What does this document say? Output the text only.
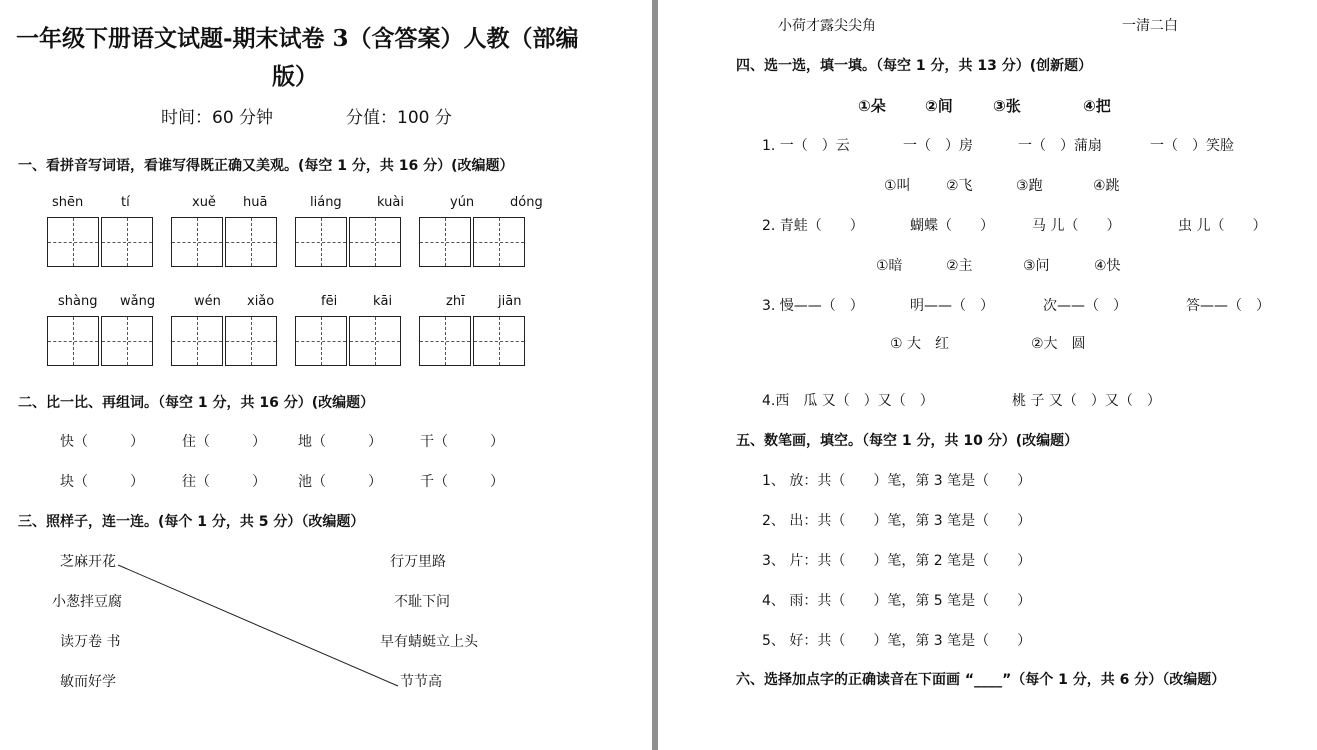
一年级下册语文试题-期末试卷 3（含答案）人教（部编
版）
时间：60 分钟	分值：100 分
一、看拼音写词语，看谁写得既正确又美观。(每空 1 分，共 16 分）(改编题）
shēn	tí	xuě huā	liáng	kuài	yún	dóng
shàng wǎng	wén xiǎo	fēi	kāi	zhī	jiān
二、比一比、再组词。（每空 1 分，共 16 分）(改编题）
快（　　　）	住（　　　） 地（　　　）	干（　　　）
块（　　　）	往（　　　） 池（　　　）	千（　　　）
三、照样子，连一连。(每个 1 分，共 5 分）（改编题）
芝麻开花
小葱拌豆腐
读万卷 书
敏而好学
行万里路
不耻下问
早有蜻蜓立上头
节节高
小荷才露尖尖角	一清二白
四、选一选，填一填。（每空 1 分，共 13 分）(创新题）
①朵	②间	③张	④把
1. 一（　）云	一（　）房	一（　）蒲扇	一（　）笑脸
①叫	②飞	③跑	④跳
2. 青蛙（　　）	蝴蝶（　　）	马 儿（　　）	虫 儿（　　）
①暗	②主	③问	④快
3. 慢——（　）	明——（　）	次——（　）	答——（　）
① 大　红	②大　圆
4.西　瓜 又（　）又（　）	桃 子 又（　）又（　）
五、数笔画，填空。（每空 1 分，共 10 分）(改编题）
1、 放：共（　　）笔，第 3 笔是（　　）
2、 出：共（　　）笔，第 3 笔是（　　）
3、 片：共（　　）笔，第 2 笔是（　　）
4、 雨：共（　　）笔，第 5 笔是（　　）
5、 好：共（　　）笔，第 3 笔是（　　）
六、选择加点字的正确读音在下面画 “____”（每个 1 分，共 6 分）（改编题）
